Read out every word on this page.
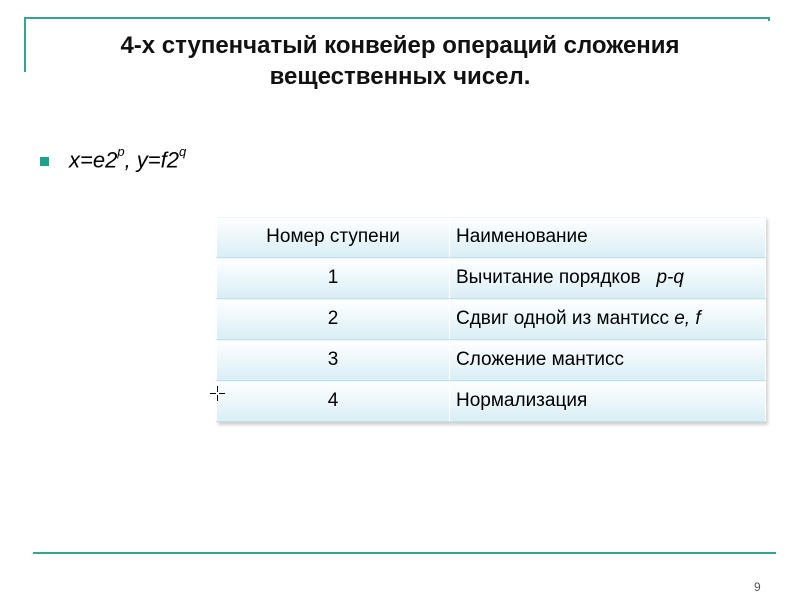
4-х ступенчатый конвейер операций сложения
вещественных чисел.
$x=e2^p$, $y=f2^q$
Номер ступени	Наименование
1	Вычитание порядков p-q
2	Сдвиг одной из мантисс e, f
3	Сложение мантисс
4	Нормализация
9
